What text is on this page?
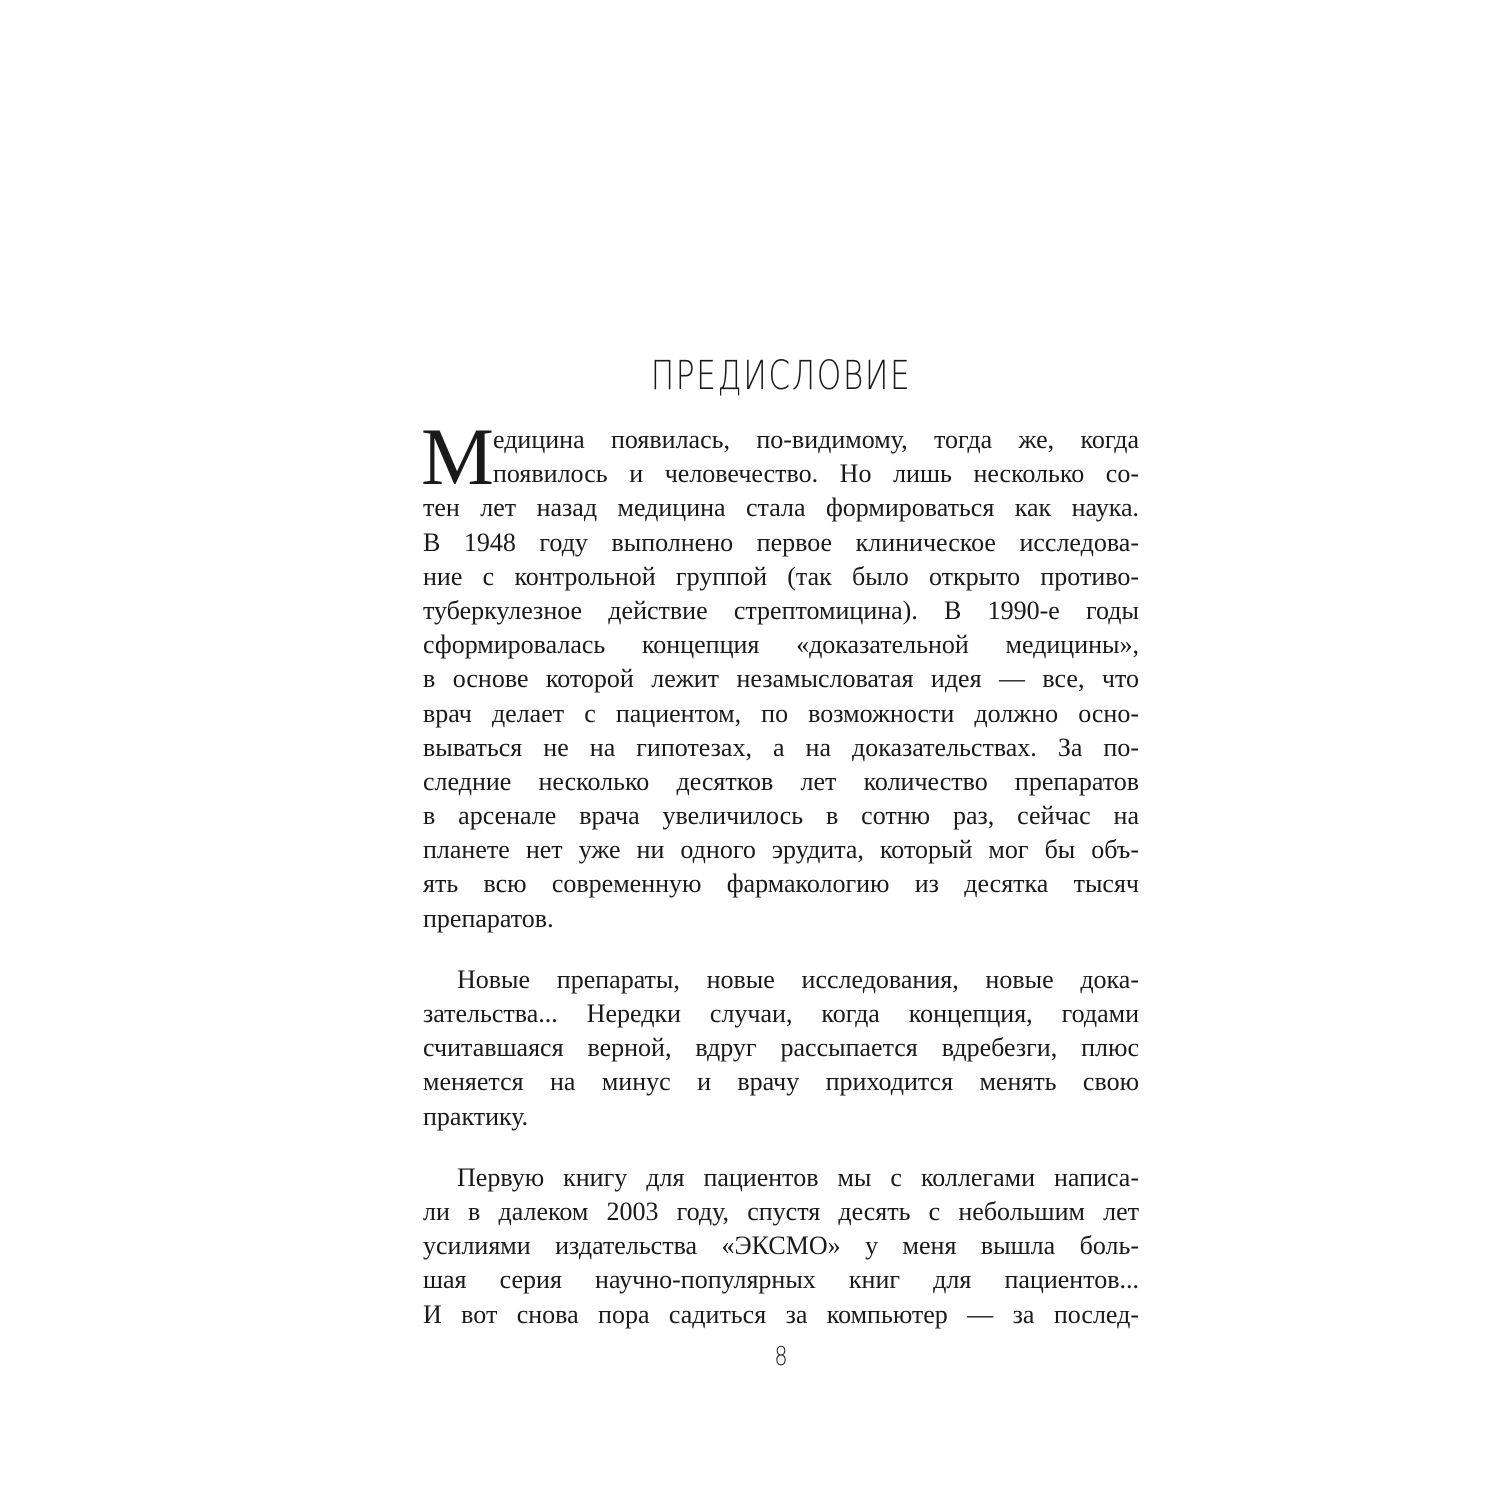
ПРЕДИСЛОВИЕ
М едицина появилась, по-видимому, тогда же, когда
появилось и человечество. Но лишь несколько со-
тен лет назад медицина стала формироваться как наука.
В 1948 году выполнено первое клиническое исследова-
ние с контрольной группой (так было открыто противо-
туберкулезное действие стрептомицина). В 1990-е годы
сформировалась концепция «доказательной медицины»,
в основе которой лежит незамысловатая идея — все, что
врач делает с пациентом, по возможности должно осно-
вываться не на гипотезах, а на доказательствах. За по-
следние несколько десятков лет количество препаратов
в арсенале врача увеличилось в сотню раз, сейчас на
планете нет уже ни одного эрудита, который мог бы объ-
ять всю современную фармакологию из десятка тысяч
препаратов.
Новые препараты, новые исследования, новые дока-
зательства... Нередки случаи, когда концепция, годами
считавшаяся верной, вдруг рассыпается вдребезги, плюс
меняется на минус и врачу приходится менять свою
практику.
Первую книгу для пациентов мы с коллегами написа-
ли в далеком 2003 году, спустя десять с небольшим лет
усилиями издательства «ЭКСМО» у меня вышла боль-
шая серия научно-популярных книг для пациентов...
И вот снова пора садиться за компьютер — за послед-
8
